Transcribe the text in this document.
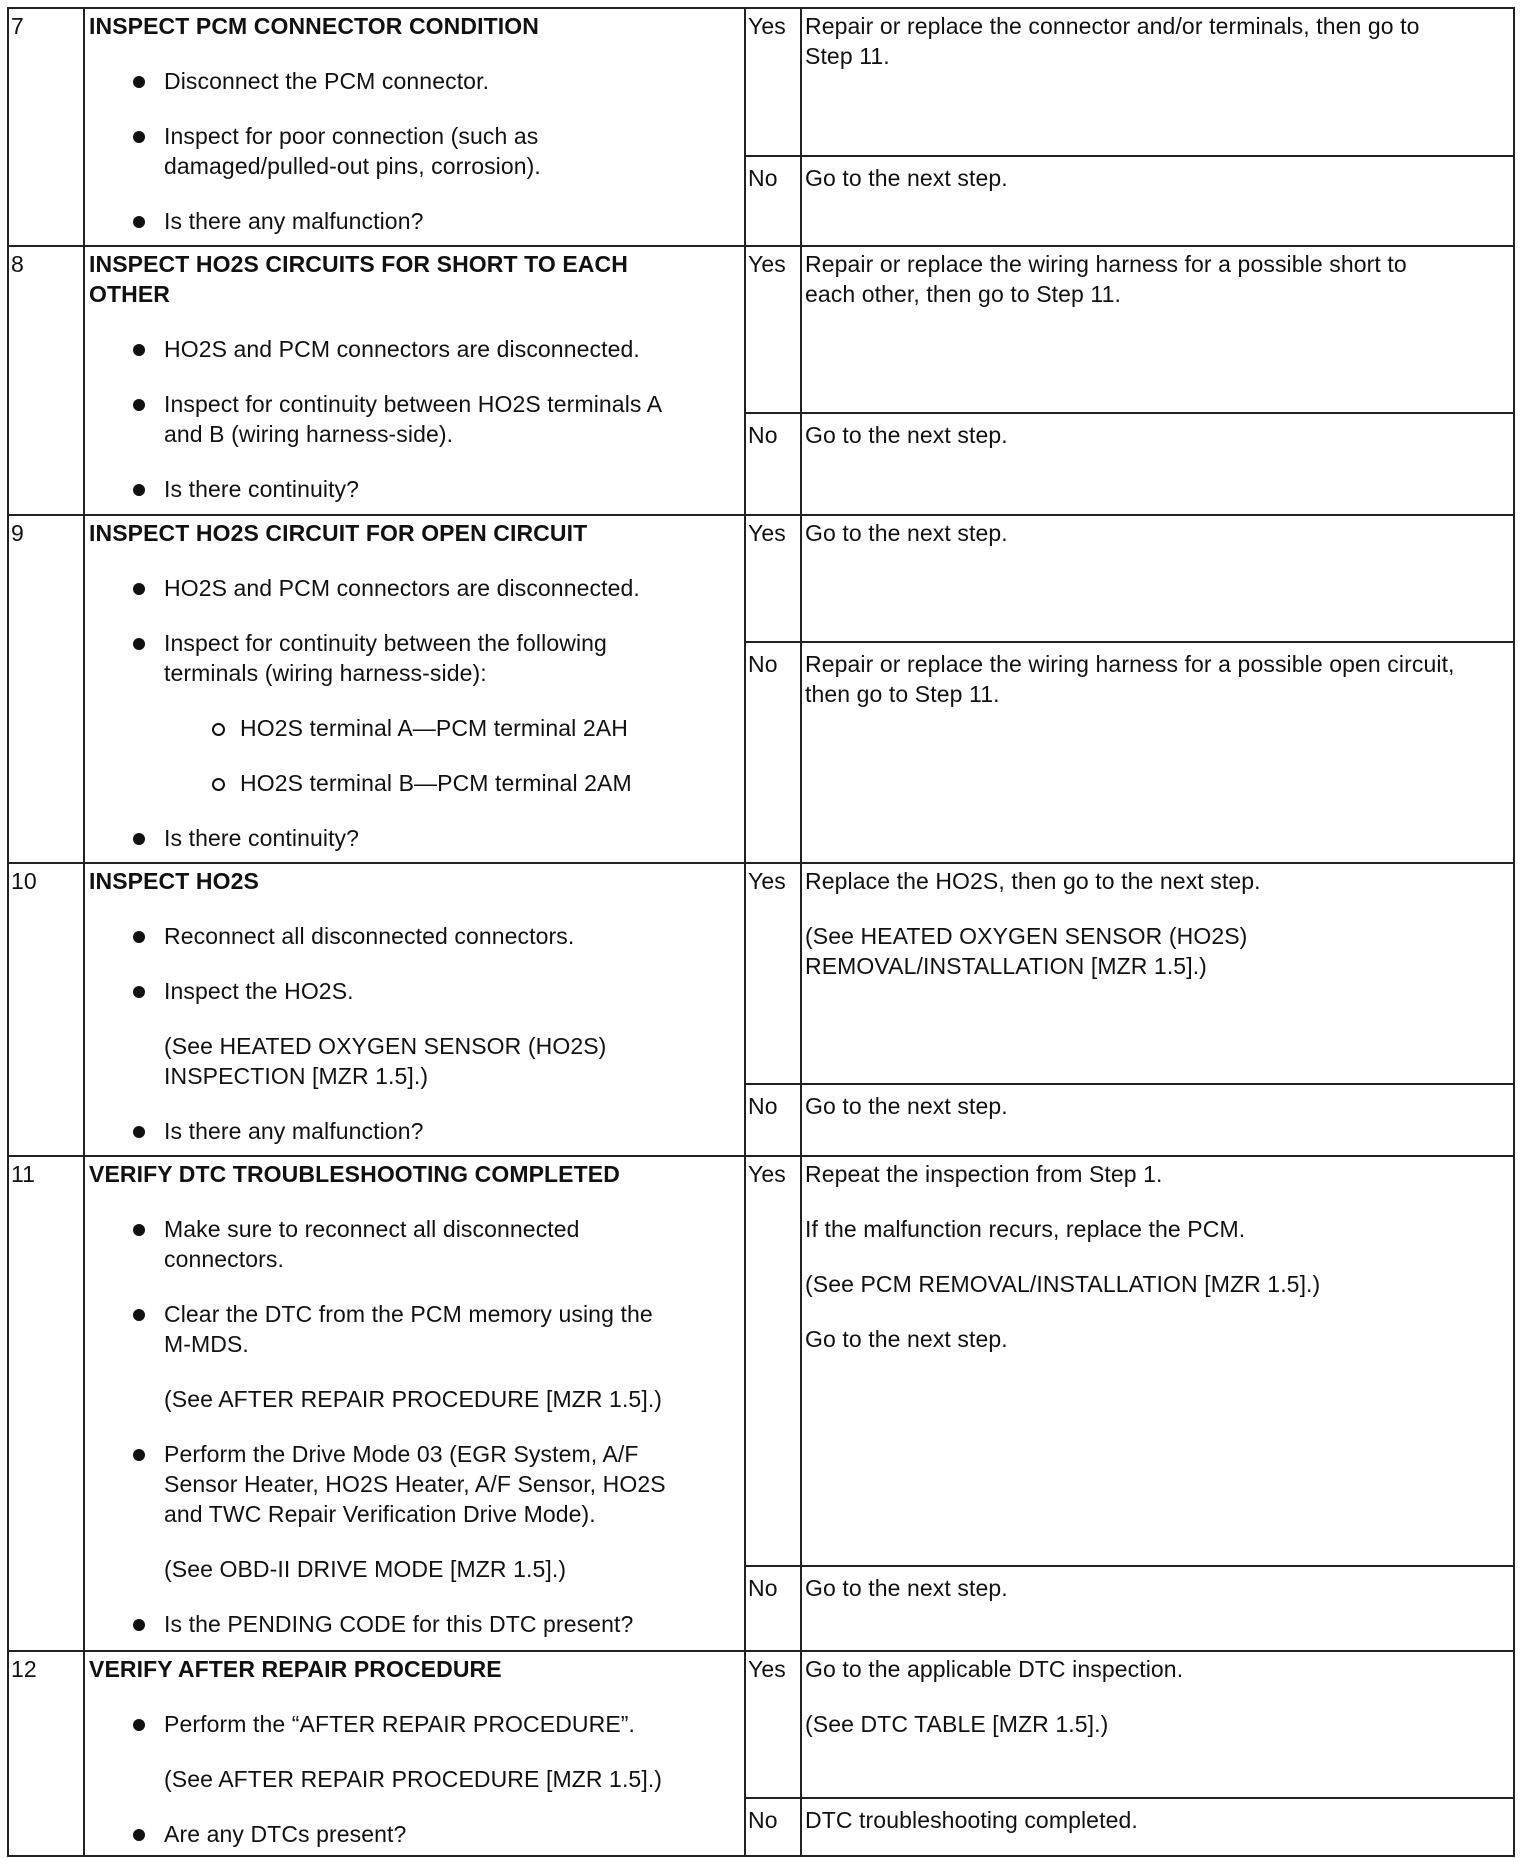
7	INSPECT PCM CONNECTOR CONDITION
Disconnect the PCM connector.
Inspect for poor connection (such as
damaged/pulled-out pins, corrosion).
Is there any malfunction?
Yes Repair or replace the connector and/or terminals, then go to
Step 11.
No Go to the next step.
8	INSPECT HO2S CIRCUITS FOR SHORT TO EACH
OTHER
HO2S and PCM connectors are disconnected.
Inspect for continuity between HO2S terminals A
and B (wiring harness-side).
Is there continuity?
Yes Repair or replace the wiring harness for a possible short to
each other, then go to Step 11.
No Go to the next step.
9	INSPECT HO2S CIRCUIT FOR OPEN CIRCUIT
HO2S and PCM connectors are disconnected.
Inspect for continuity between the following
terminals (wiring harness-side):
HO2S terminal A—PCM terminal 2AH
HO2S terminal B—PCM terminal 2AM
Is there continuity?
Yes Go to the next step.
No Repair or replace the wiring harness for a possible open circuit,
then go to Step 11.
10 INSPECT HO2S
Reconnect all disconnected connectors.
Inspect the HO2S.
(See HEATED OXYGEN SENSOR (HO2S)
INSPECTION [MZR 1.5].)
Is there any malfunction?
Yes Replace the HO2S, then go to the next step.
(See HEATED OXYGEN SENSOR (HO2S)
REMOVAL/INSTALLATION [MZR 1.5].)
No Go to the next step.
11 VERIFY DTC TROUBLESHOOTING COMPLETED
Make sure to reconnect all disconnected
connectors.
Clear the DTC from the PCM memory using the
M-MDS.
(See AFTER REPAIR PROCEDURE [MZR 1.5].)
Perform the Drive Mode 03 (EGR System, A/F
Sensor Heater, HO2S Heater, A/F Sensor, HO2S
and TWC Repair Verification Drive Mode).
(See OBD-II DRIVE MODE [MZR 1.5].)
Is the PENDING CODE for this DTC present?
Yes Repeat the inspection from Step 1.
If the malfunction recurs, replace the PCM.
(See PCM REMOVAL/INSTALLATION [MZR 1.5].)
Go to the next step.
No Go to the next step.
12 VERIFY AFTER REPAIR PROCEDURE
Perform the “AFTER REPAIR PROCEDURE”.
(See AFTER REPAIR PROCEDURE [MZR 1.5].)
Are any DTCs present?
Yes Go to the applicable DTC inspection.
(See DTC TABLE [MZR 1.5].)
No DTC troubleshooting completed.
